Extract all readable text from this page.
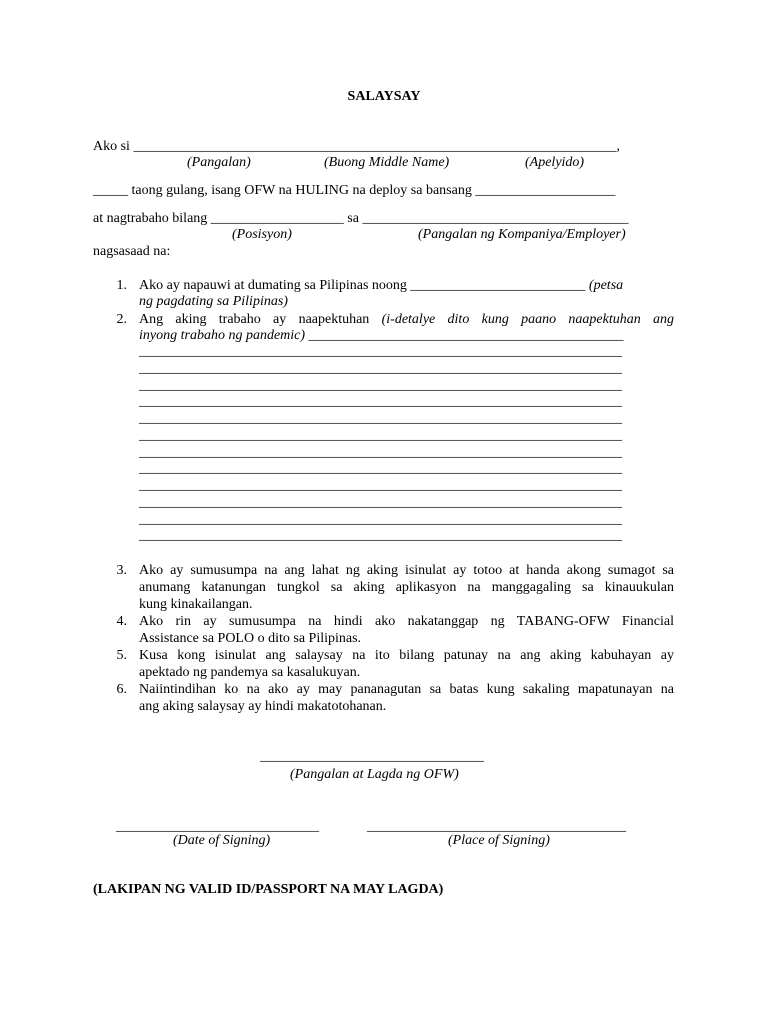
SALAYSAY
Ako si _____________________________________________________________________,
(Pangalan)	(Buong Middle Name)	(Apelyido)
_____ taong gulang, isang OFW na HULING na deploy sa bansang ____________________
at nagtrabaho bilang ___________________ sa ______________________________________
(Posisyon)	(Pangalan ng Kompaniya/Employer)
nagsasaad na:
1. Ako ay napauwi at dumating sa Pilipinas noong _________________________ (petsa
ng pagdating sa Pilipinas)
2. Ang aking trabaho ay naapektuhan (i-detalye dito kung paano naapektuhan ang
inyong trabaho ng pandemic) _____________________________________________
_____________________________________________________________________
_____________________________________________________________________
_____________________________________________________________________
_____________________________________________________________________
_____________________________________________________________________
_____________________________________________________________________
_____________________________________________________________________
_____________________________________________________________________
_____________________________________________________________________
_____________________________________________________________________
_____________________________________________________________________
_____________________________________________________________________
3. Ako ay sumusumpa na ang lahat ng aking isinulat ay totoo at handa akong sumagot sa
anumang katanungan tungkol sa aking aplikasyon na manggagaling sa kinauukulan
kung kinakailangan.
4. Ako rin ay sumusumpa na hindi ako nakatanggap ng TABANG-OFW Financial
Assistance sa POLO o dito sa Pilipinas.
5. Kusa kong isinulat ang salaysay na ito bilang patunay na ang aking kabuhayan ay
apektado ng pandemya sa kasalukuyan.
6. Naiintindihan ko na ako ay may pananagutan sa batas kung sakaling mapatunayan na
ang aking salaysay ay hindi makatotohanan.
________________________________
(Pangalan at Lagda ng OFW)
_____________________________
(Date of Signing)
_____________________________________
(Place of Signing)
(LAKIPAN NG VALID ID/PASSPORT NA MAY LAGDA)
